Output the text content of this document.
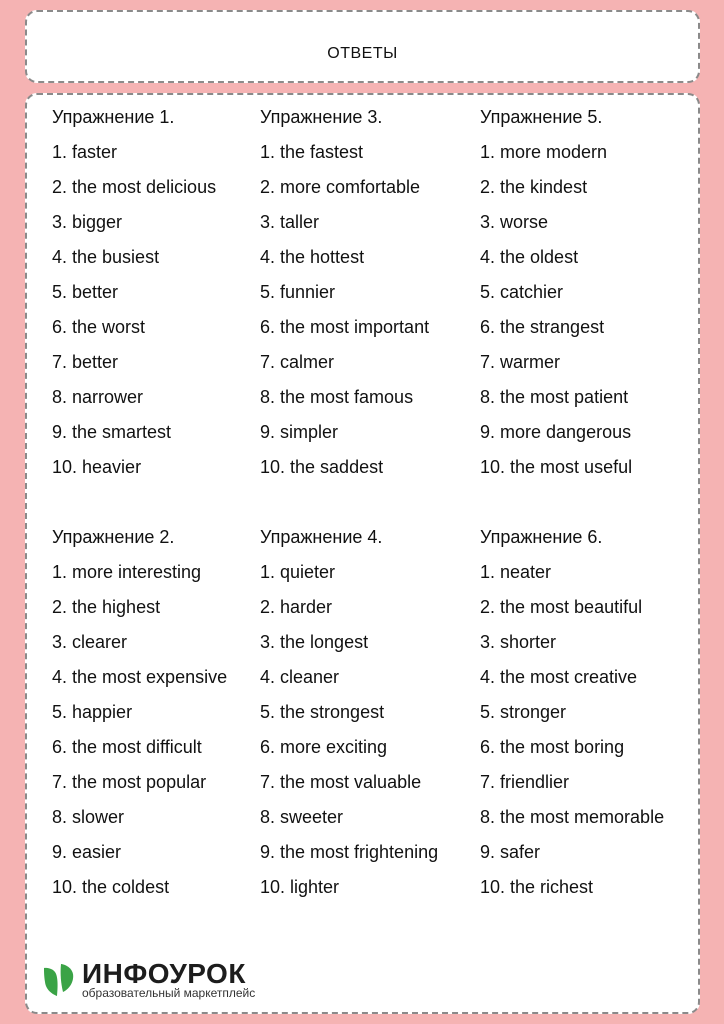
ОТВЕТЫ
Упражнение 1.
1. faster
2. the most delicious
3. bigger
4. the busiest
5. better
6. the worst
7. better
8. narrower
9. the smartest
10. heavier
Упражнение 3.
1. the fastest
2. more comfortable
3. taller
4. the hottest
5. funnier
6. the most important
7. calmer
8. the most famous
9. simpler
10. the saddest
Упражнение 5.
1. more modern
2. the kindest
3. worse
4. the oldest
5. catchier
6. the strangest
7. warmer
8. the most patient
9. more dangerous
10. the most useful
Упражнение 2.
1. more interesting
2. the highest
3. clearer
4. the most expensive
5. happier
6. the most difficult
7. the most popular
8. slower
9. easier
10. the coldest
Упражнение 4.
1. quieter
2. harder
3. the longest
4. cleaner
5. the strongest
6. more exciting
7. the most valuable
8. sweeter
9. the most frightening
10. lighter
Упражнение 6.
1. neater
2. the most beautiful
3. shorter
4. the most creative
5. stronger
6. the most boring
7. friendlier
8. the most memorable
9. safer
10. the richest
ИНФОУРОК
образовательный маркетплейс
